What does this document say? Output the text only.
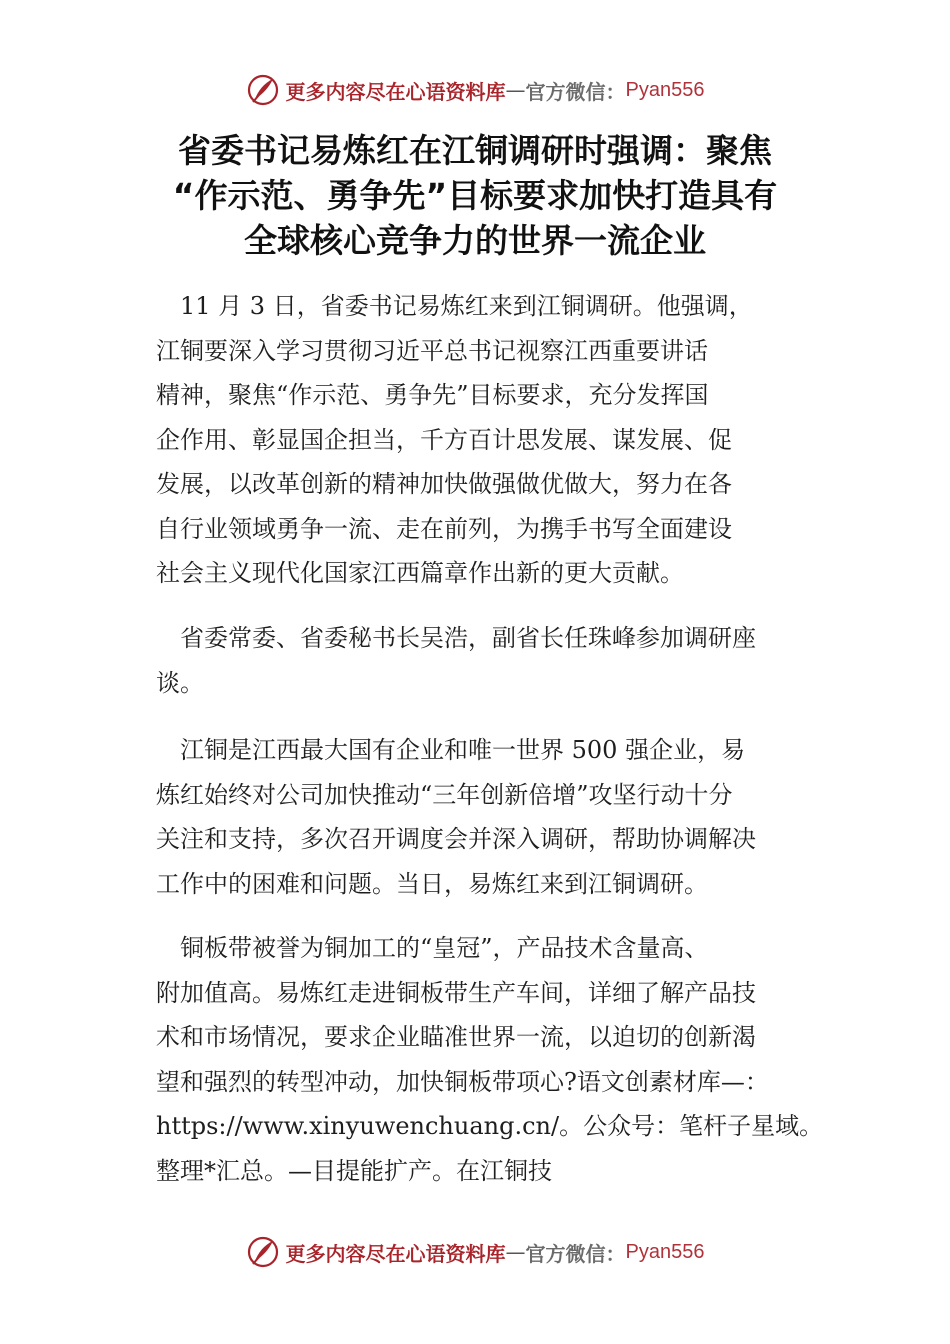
更多内容尽在心语资料库 — 官方微信： Pyan556
省委书记易炼红在江铜调研时强调：聚焦
“作示范、勇争先”目标要求加快打造具有
全球核心竞争力的世界一流企业
　11 月 3 日，省委书记易炼红来到江铜调研。他强调，
江铜要深入学习贯彻习近平总书记视察江西重要讲话
精神，聚焦“作示范、勇争先”目标要求，充分发挥国
企作用、彰显国企担当，千方百计思发展、谋发展、促
发展，以改革创新的精神加快做强做优做大，努力在各
自行业领域勇争一流、走在前列，为携手书写全面建设
社会主义现代化国家江西篇章作出新的更大贡献。
　省委常委、省委秘书长吴浩，副省长任珠峰参加调研座
谈。
　江铜是江西最大国有企业和唯一世界 500 强企业，易
炼红始终对公司加快推动“三年创新倍增”攻坚行动十分
关注和支持，多次召开调度会并深入调研，帮助协调解决
工作中的困难和问题。当日，易炼红来到江铜调研。
　铜板带被誉为铜加工的“皇冠”，产品技术含量高、
附加值高。易炼红走进铜板带生产车间，详细了解产品技
术和市场情况，要求企业瞄准世界一流，以迫切的创新渴
望和强烈的转型冲动，加快铜板带项心?语文创素材库—：
https://www.xinyuwenchuang.cn/。公众号：笔杆子星域。
整理*汇总。—目提能扩产。在江铜技
更多内容尽在心语资料库 — 官方微信： Pyan556
